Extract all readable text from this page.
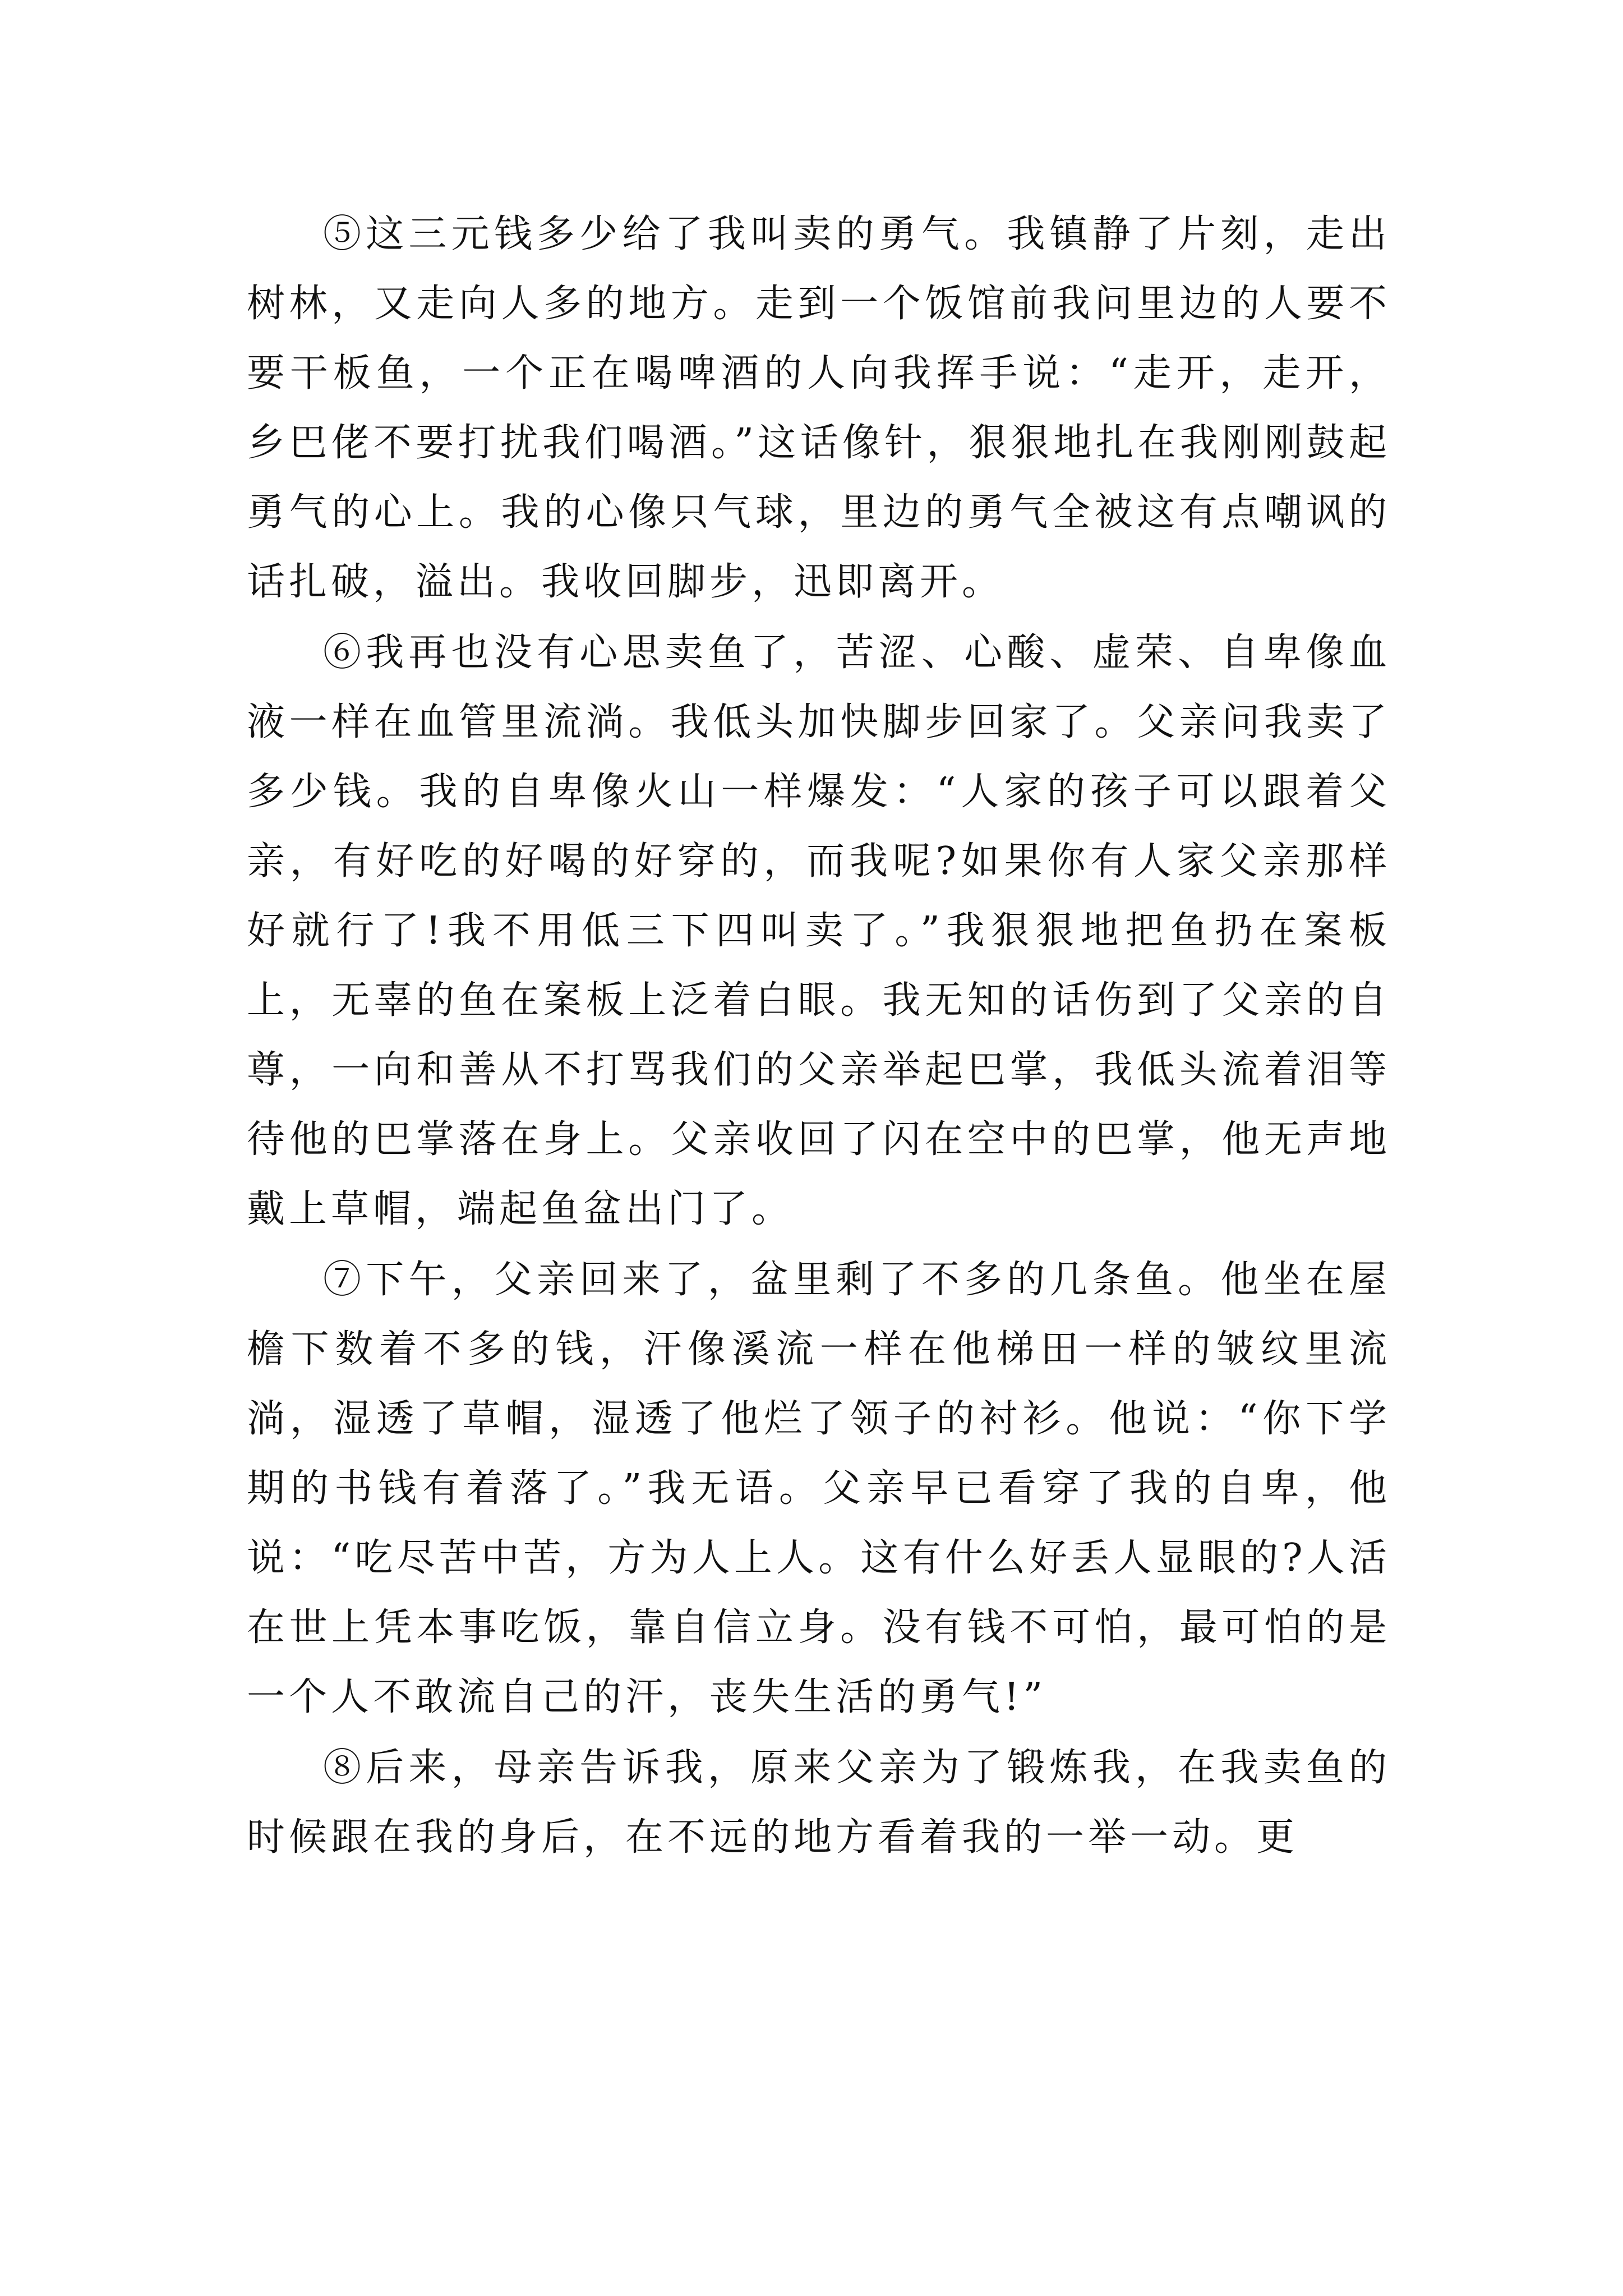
⑤这三元钱多少给了我叫卖的勇气。我镇静了片刻，走出树林，又走向人多的地方。走到一个饭馆前我问里边的人要不要干板鱼，一个正在喝啤酒的人向我挥手说：“走开，走开，乡巴佬不要打扰我们喝酒。”这话像针，狠狠地扎在我刚刚鼓起勇气的心上。我的心像只气球，里边的勇气全被这有点嘲讽的话扎破，溢出。我收回脚步，迅即离开。

⑥我再也没有心思卖鱼了，苦涩、心酸、虚荣、自卑像血液一样在血管里流淌。我低头加快脚步回家了。父亲问我卖了多少钱。我的自卑像火山一样爆发：“人家的孩子可以跟着父亲，有好吃的好喝的好穿的，而我呢?如果你有人家父亲那样好就行了!我不用低三下四叫卖了。”我狠狠地把鱼扔在案板上，无辜的鱼在案板上泛着白眼。我无知的话伤到了父亲的自尊，一向和善从不打骂我们的父亲举起巴掌，我低头流着泪等待他的巴掌落在身上。父亲收回了闪在空中的巴掌，他无声地戴上草帽，端起鱼盆出门了。

⑦下午，父亲回来了，盆里剩了不多的几条鱼。他坐在屋檐下数着不多的钱，汗像溪流一样在他梯田一样的皱纹里流淌，湿透了草帽，湿透了他烂了领子的衬衫。他说：“你下学期的书钱有着落了。”我无语。父亲早已看穿了我的自卑，他说：“吃尽苦中苦，方为人上人。这有什么好丢人显眼的?人活在世上凭本事吃饭，靠自信立身。没有钱不可怕，最可怕的是一个人不敢流自己的汗，丧失生活的勇气!”

⑧后来，母亲告诉我，原来父亲为了锻炼我，在我卖鱼的时候跟在我的身后，在不远的地方看着我的一举一动。更
